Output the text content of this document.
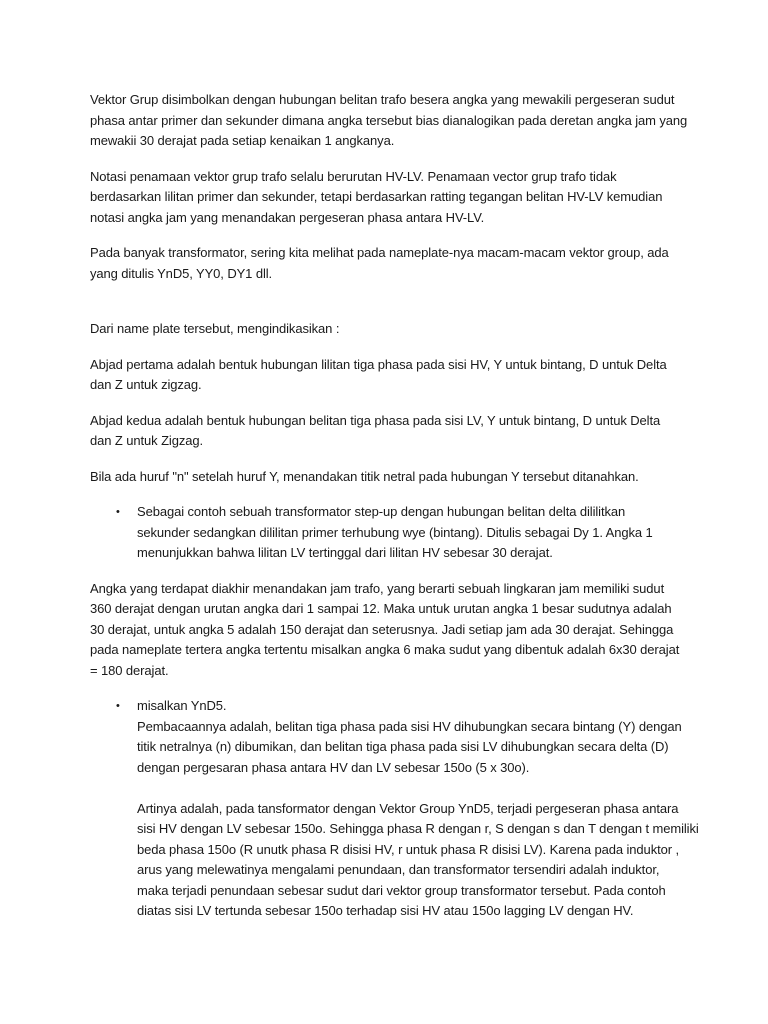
Vektor Grup disimbolkan dengan hubungan belitan trafo besera angka yang mewakili pergeseran sudut
phasa antar primer dan sekunder dimana angka tersebut bias dianalogikan pada deretan angka jam yang
mewakii 30 derajat pada setiap kenaikan 1 angkanya.

Notasi penamaan vektor grup trafo selalu berurutan HV-LV. Penamaan vector grup trafo tidak
berdasarkan lilitan primer dan sekunder, tetapi berdasarkan ratting tegangan belitan HV-LV kemudian
notasi angka jam yang menandakan pergeseran phasa antara HV-LV.

Pada banyak transformator, sering kita melihat pada nameplate-nya macam-macam vektor group, ada
yang ditulis YnD5, YY0, DY1 dll.

Dari name plate tersebut, mengindikasikan :

Abjad pertama adalah bentuk hubungan lilitan tiga phasa pada sisi HV, Y untuk bintang, D untuk Delta
dan Z untuk zigzag.

Abjad kedua adalah bentuk hubungan belitan tiga phasa pada sisi LV, Y untuk bintang, D untuk Delta
dan Z untuk Zigzag.

Bila ada huruf "n" setelah huruf Y, menandakan titik netral pada hubungan Y tersebut ditanahkan.

• Sebagai contoh sebuah transformator step-up dengan hubungan belitan delta dililitkan
sekunder sedangkan dililitan primer terhubung wye (bintang). Ditulis sebagai Dy 1. Angka 1
menunjukkan bahwa lilitan LV tertinggal dari lilitan HV sebesar 30 derajat.

Angka yang terdapat diakhir menandakan jam trafo, yang berarti sebuah lingkaran jam memiliki sudut
360 derajat dengan urutan angka dari 1 sampai 12. Maka untuk urutan angka 1 besar sudutnya adalah
30 derajat, untuk angka 5 adalah 150 derajat dan seterusnya. Jadi setiap jam ada 30 derajat. Sehingga
pada nameplate tertera angka tertentu misalkan angka 6 maka sudut yang dibentuk adalah 6x30 derajat
= 180 derajat.

• misalkan YnD5.
Pembacaannya adalah, belitan tiga phasa pada sisi HV dihubungkan secara bintang (Y) dengan
titik netralnya (n) dibumikan, dan belitan tiga phasa pada sisi LV dihubungkan secara delta (D)
dengan pergesaran phasa antara HV dan LV sebesar 150o (5 x 30o).
Artinya adalah, pada tansformator dengan Vektor Group YnD5, terjadi pergeseran phasa antara
sisi HV dengan LV sebesar 150o. Sehingga phasa R dengan r, S dengan s dan T dengan t memiliki
beda phasa 150o (R unutk phasa R disisi HV, r untuk phasa R disisi LV). Karena pada induktor ,
arus yang melewatinya mengalami penundaan, dan transformator tersendiri adalah induktor,
maka terjadi penundaan sebesar sudut dari vektor group transformator tersebut. Pada contoh
diatas sisi LV tertunda sebesar 150o terhadap sisi HV atau 150o lagging LV dengan HV.
